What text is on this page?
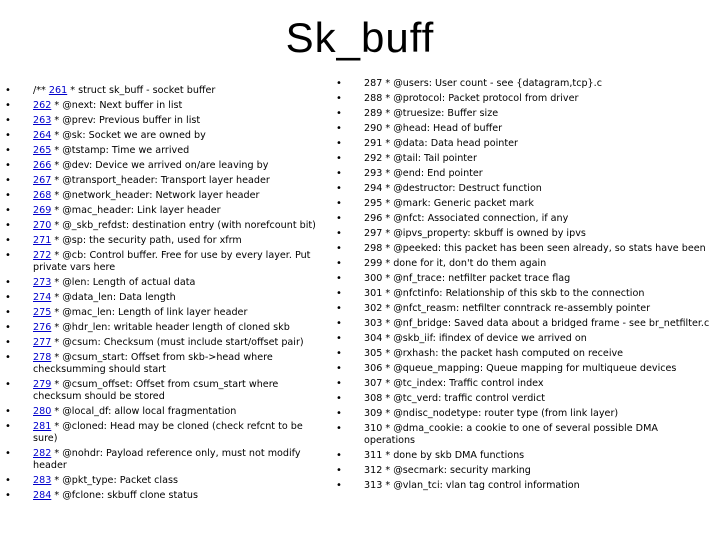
Sk_buff
• /** 261 * struct sk_buff - socket buffer
• 262 * @next: Next buffer in list
• 263 * @prev: Previous buffer in list
• 264 * @sk: Socket we are owned by
• 265 * @tstamp: Time we arrived
• 266 * @dev: Device we arrived on/are leaving by
• 267 * @transport_header: Transport layer header
• 268 * @network_header: Network layer header
• 269 * @mac_header: Link layer header
• 270 * @_skb_refdst: destination entry (with norefcount bit)
• 271 * @sp: the security path, used for xfrm
• 272 * @cb: Control buffer. Free for use by every layer. Put private vars here
• 273 * @len: Length of actual data
• 274 * @data_len: Data length
• 275 * @mac_len: Length of link layer header
• 276 * @hdr_len: writable header length of cloned skb
• 277 * @csum: Checksum (must include start/offset pair)
• 278 * @csum_start: Offset from skb->head where checksumming should start
• 279 * @csum_offset: Offset from csum_start where checksum should be stored
• 280 * @local_df: allow local fragmentation
• 281 * @cloned: Head may be cloned (check refcnt to be sure)
• 282 * @nohdr: Payload reference only, must not modify header
• 283 * @pkt_type: Packet class
• 284 * @fclone: skbuff clone status
• 287 * @users: User count - see {datagram,tcp}.c
• 288 * @protocol: Packet protocol from driver
• 289 * @truesize: Buffer size
• 290 * @head: Head of buffer
• 291 * @data: Data head pointer
• 292 * @tail: Tail pointer
• 293 * @end: End pointer
• 294 * @destructor: Destruct function
• 295 * @mark: Generic packet mark
• 296 * @nfct: Associated connection, if any
• 297 * @ipvs_property: skbuff is owned by ipvs
• 298 * @peeked: this packet has been seen already, so stats have been
• 299 * done for it, don't do them again
• 300 * @nf_trace: netfilter packet trace flag
• 301 * @nfctinfo: Relationship of this skb to the connection
• 302 * @nfct_reasm: netfilter conntrack re-assembly pointer
• 303 * @nf_bridge: Saved data about a bridged frame - see br_netfilter.c
• 304 * @skb_iif: ifindex of device we arrived on
• 305 * @rxhash: the packet hash computed on receive
• 306 * @queue_mapping: Queue mapping for multiqueue devices
• 307 * @tc_index: Traffic control index
• 308 * @tc_verd: traffic control verdict
• 309 * @ndisc_nodetype: router type (from link layer)
• 310 * @dma_cookie: a cookie to one of several possible DMA operations
• 311 * done by skb DMA functions
• 312 * @secmark: security marking
• 313 * @vlan_tci: vlan tag control information
